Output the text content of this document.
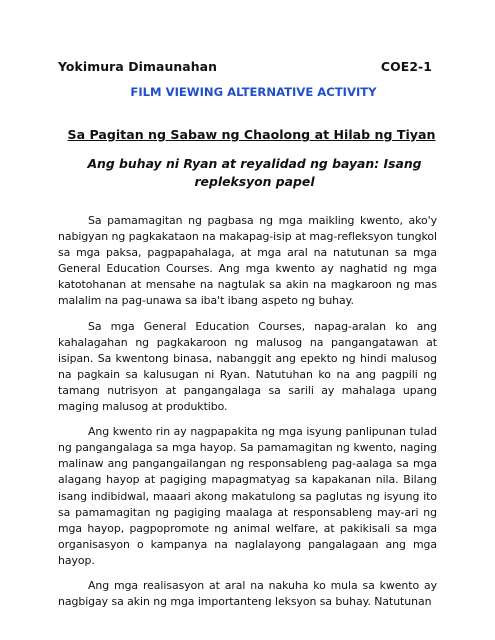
Yokimura Dimaunahan	COE2-1
FILM VIEWING ALTERNATIVE ACTIVITY
Sa Pagitan ng Sabaw ng Chaolong at Hilab ng Tiyan
Ang buhay ni Ryan at reyalidad ng bayan: Isang repleksyon papel

Sa pamamagitan ng pagbasa ng mga maikling kwento, ako'y nabigyan ng pagkakataon na makapag-isip at mag-refleksyon tungkol sa mga paksa, pagpapahalaga, at mga aral na natutunan sa mga General Education Courses. Ang mga kwento ay naghatid ng mga katotohanan at mensahe na nagtulak sa akin na magkaroon ng mas malalim na pag-unawa sa iba't ibang aspeto ng buhay.

Sa mga General Education Courses, napag-aralan ko ang kahalagahan ng pagkakaroon ng malusog na pangangatawan at isipan. Sa kwentong binasa, nabanggit ang epekto ng hindi malusog na pagkain sa kalusugan ni Ryan. Natutuhan ko na ang pagpili ng tamang nutrisyon at pangangalaga sa sarili ay mahalaga upang maging malusog at produktibo.

Ang kwento rin ay nagpapakita ng mga isyung panlipunan tulad ng pangangalaga sa mga hayop. Sa pamamagitan ng kwento, naging malinaw ang pangangailangan ng responsableng pag-aalaga sa mga alagang hayop at pagiging mapagmatyag sa kapakanan nila. Bilang isang indibidwal, maaari akong makatulong sa paglutas ng isyung ito sa pamamagitan ng pagiging maalaga at responsableng may-ari ng mga hayop, pagpopromote ng animal welfare, at pakikisali sa mga organisasyon o kampanya na naglalayong pangalagaan ang mga hayop.

Ang mga realisasyon at aral na nakuha ko mula sa kwento ay nagbigay sa akin ng mga importanteng leksyon sa buhay. Natutunan
